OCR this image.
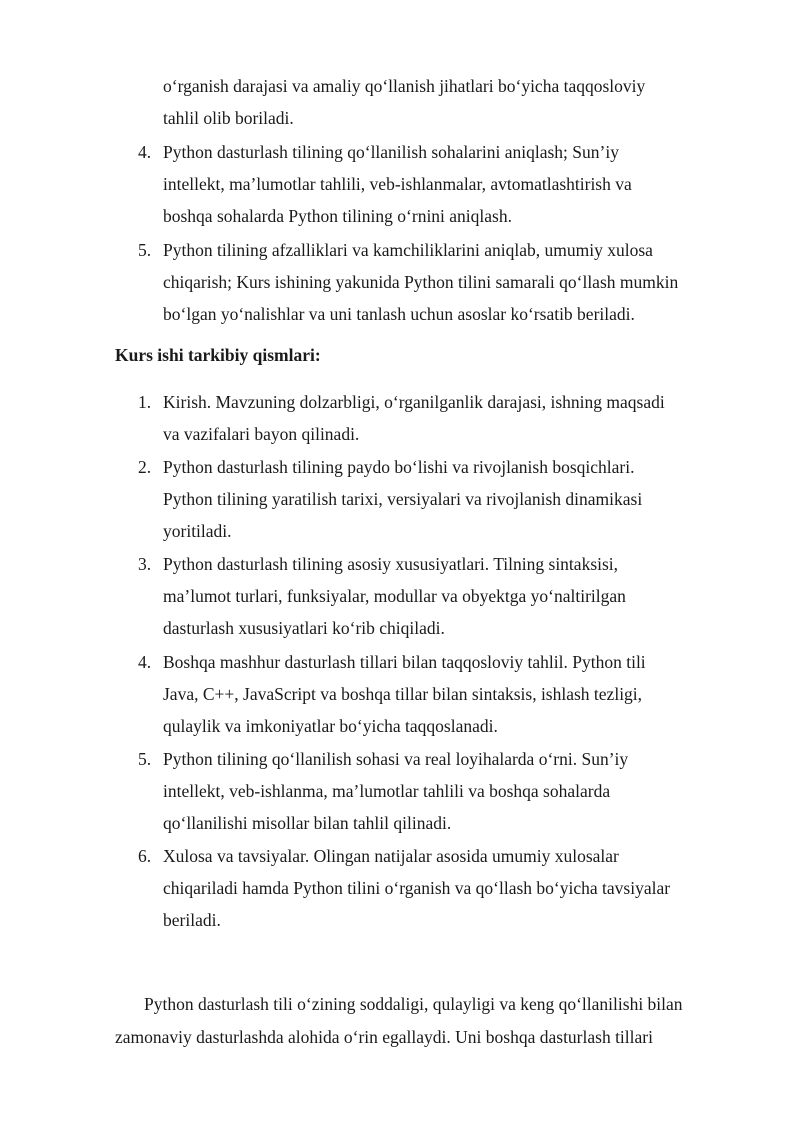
o‘rganish darajasi va amaliy qo‘llanish jihatlari bo‘yicha taqqosloviy
tahlil olib boriladi.
4. Python dasturlash tilining qo‘llanilish sohalarini aniqlash; Sun’iy
intellekt, ma’lumotlar tahlili, veb-ishlanmalar, avtomatlashtirish va
boshqa sohalarda Python tilining o‘rnini aniqlash.
5. Python tilining afzalliklari va kamchiliklarini aniqlab, umumiy xulosa
chiqarish; Kurs ishining yakunida Python tilini samarali qo‘llash mumkin
bo‘lgan yo‘nalishlar va uni tanlash uchun asoslar ko‘rsatib beriladi.
Kurs ishi tarkibiy qismlari:
1. Kirish. Mavzuning dolzarbligi, o‘rganilganlik darajasi, ishning maqsadi
va vazifalari bayon qilinadi.
2. Python dasturlash tilining paydo bo‘lishi va rivojlanish bosqichlari.
Python tilining yaratilish tarixi, versiyalari va rivojlanish dinamikasi
yoritiladi.
3. Python dasturlash tilining asosiy xususiyatlari. Tilning sintaksisi,
ma’lumot turlari, funksiyalar, modullar va obyektga yo‘naltirilgan
dasturlash xususiyatlari ko‘rib chiqiladi.
4. Boshqa mashhur dasturlash tillari bilan taqqosloviy tahlil. Python tili
Java, C++, JavaScript va boshqa tillar bilan sintaksis, ishlash tezligi,
qulaylik va imkoniyatlar bo‘yicha taqqoslanadi.
5. Python tilining qo‘llanilish sohasi va real loyihalarda o‘rni. Sun’iy
intellekt, veb-ishlanma, ma’lumotlar tahlili va boshqa sohalarda
qo‘llanilishi misollar bilan tahlil qilinadi.
6. Xulosa va tavsiyalar. Olingan natijalar asosida umumiy xulosalar
chiqariladi hamda Python tilini o‘rganish va qo‘llash bo‘yicha tavsiyalar
beriladi.
Python dasturlash tili o‘zining soddaligi, qulayligi va keng qo‘llanilishi bilan
zamonaviy dasturlashda alohida o‘rin egallaydi. Uni boshqa dasturlash tillari
